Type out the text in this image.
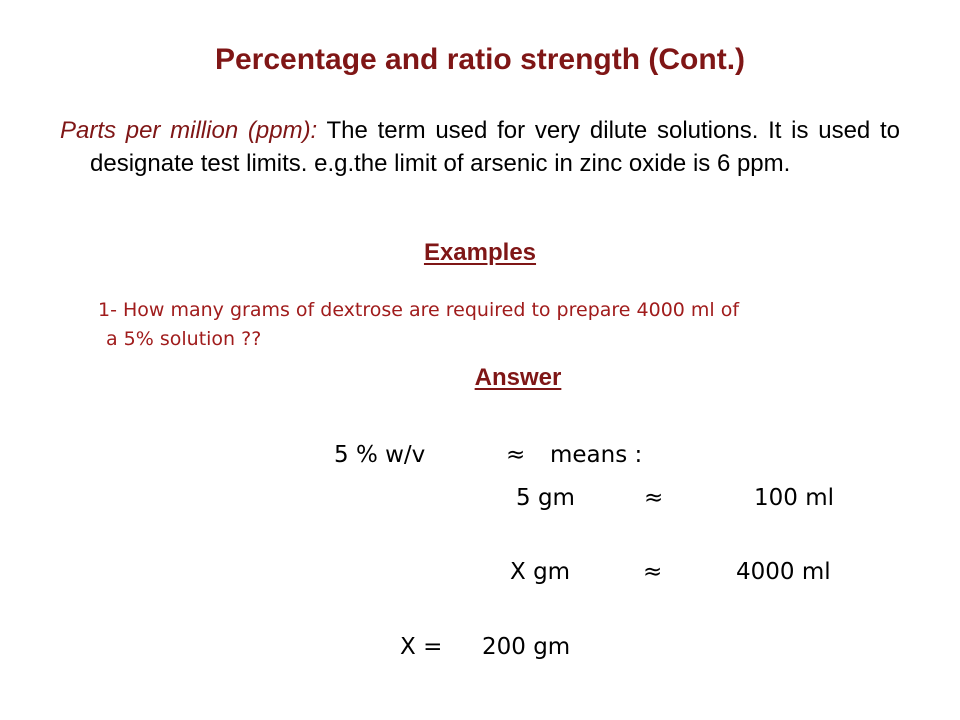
Percentage and ratio strength (Cont.)
Parts per million (ppm): The term used for very dilute solutions. It is used to designate test limits. e.g.the limit of arsenic in zinc oxide is 6 ppm.
Examples
1- How many grams of dextrose are required to prepare 4000 ml of
a 5% solution ??
Answer
5 % w/v	≈ means :
5 gm	≈	100 ml
X gm	≈	4000 ml
X = 200 gm
